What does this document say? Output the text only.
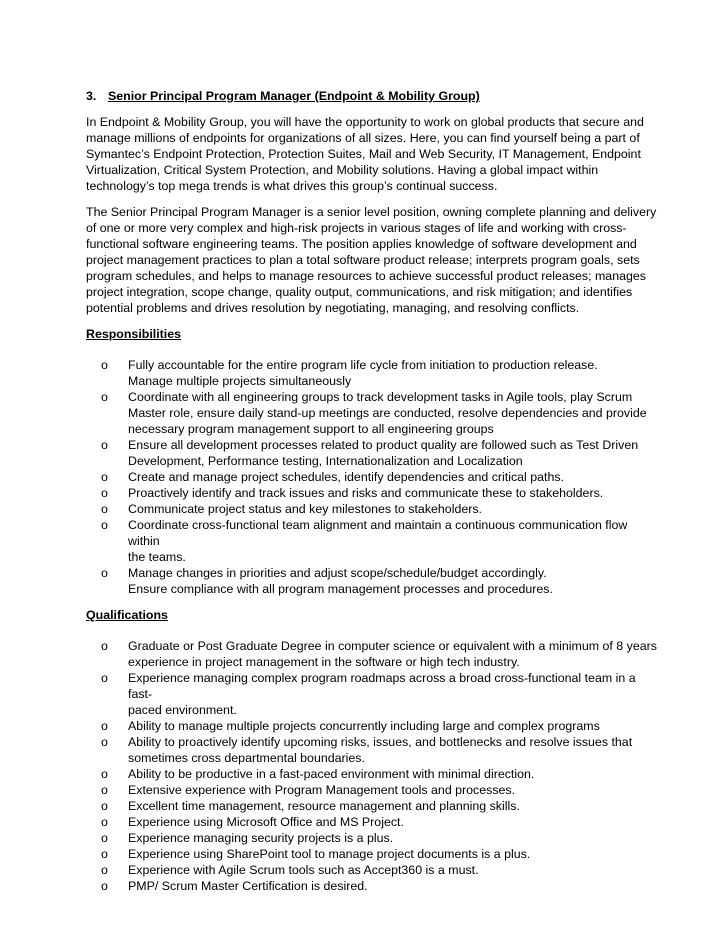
3. Senior Principal Program Manager (Endpoint & Mobility Group)

In Endpoint & Mobility Group, you will have the opportunity to work on global products that secure and manage millions of endpoints for organizations of all sizes. Here, you can find yourself being a part of Symantec’s Endpoint Protection, Protection Suites, Mail and Web Security, IT Management, Endpoint Virtualization, Critical System Protection, and Mobility solutions. Having a global impact within technology’s top mega trends is what drives this group’s continual success.

The Senior Principal Program Manager is a senior level position, owning complete planning and delivery of one or more very complex and high-risk projects in various stages of life and working with cross-functional software engineering teams. The position applies knowledge of software development and project management practices to plan a total software product release; interprets program goals, sets program schedules, and helps to manage resources to achieve successful product releases; manages project integration, scope change, quality output, communications, and risk mitigation; and identifies potential problems and drives resolution by negotiating, managing, and resolving conflicts.

Responsibilities
o Fully accountable for the entire program life cycle from initiation to production release.
Manage multiple projects simultaneously
o Coordinate with all engineering groups to track development tasks in Agile tools, play Scrum
Master role, ensure daily stand-up meetings are conducted, resolve dependencies and provide
necessary program management support to all engineering groups
o Ensure all development processes related to product quality are followed such as Test Driven
Development, Performance testing, Internationalization and Localization
o Create and manage project schedules, identify dependencies and critical paths.
o Proactively identify and track issues and risks and communicate these to stakeholders.
o Communicate project status and key milestones to stakeholders.
o Coordinate cross-functional team alignment and maintain a continuous communication flow within
the teams.
o Manage changes in priorities and adjust scope/schedule/budget accordingly.
Ensure compliance with all program management processes and procedures.
Qualifications
o Graduate or Post Graduate Degree in computer science or equivalent with a minimum of 8 years
experience in project management in the software or high tech industry.
o Experience managing complex program roadmaps across a broad cross-functional team in a fast-
paced environment.
o Ability to manage multiple projects concurrently including large and complex programs
o Ability to proactively identify upcoming risks, issues, and bottlenecks and resolve issues that
sometimes cross departmental boundaries.
o Ability to be productive in a fast-paced environment with minimal direction.
o Extensive experience with Program Management tools and processes.
o Excellent time management, resource management and planning skills.
o Experience using Microsoft Office and MS Project.
o Experience managing security projects is a plus.
o Experience using SharePoint tool to manage project documents is a plus.
o Experience with Agile Scrum tools such as Accept360 is a must.
o PMP/ Scrum Master Certification is desired.
